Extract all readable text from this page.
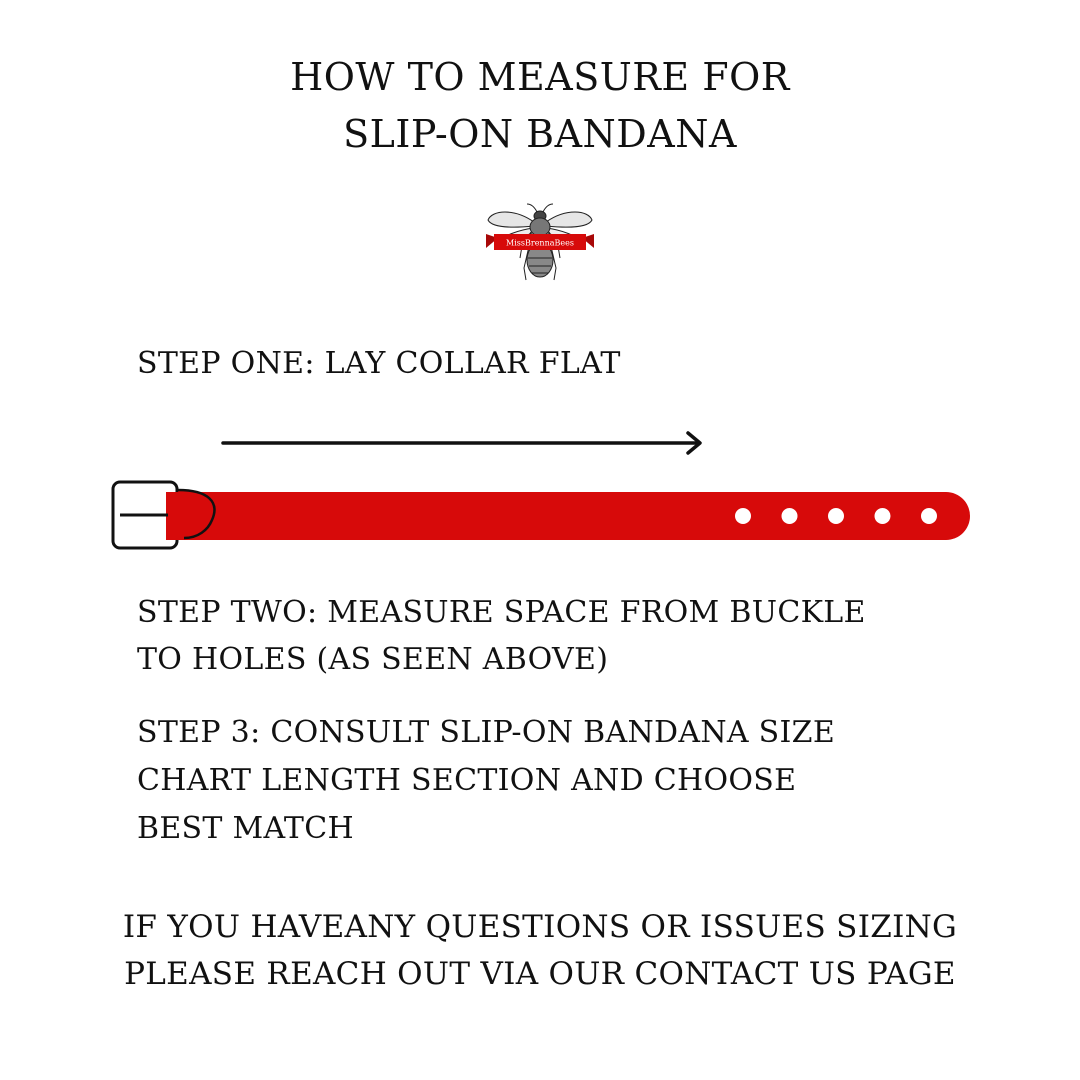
HOW TO MEASURE FOR
SLIP-ON BANDANA
MissBrennaBees
STEP ONE: LAY COLLAR FLAT
STEP TWO: MEASURE SPACE FROM BUCKLE
TO HOLES (AS SEEN ABOVE)
STEP 3: CONSULT SLIP-ON BANDANA SIZE
CHART LENGTH SECTION AND CHOOSE
BEST MATCH
IF YOU HAVEANY QUESTIONS OR ISSUES SIZING
PLEASE REACH OUT VIA OUR CONTACT US PAGE
